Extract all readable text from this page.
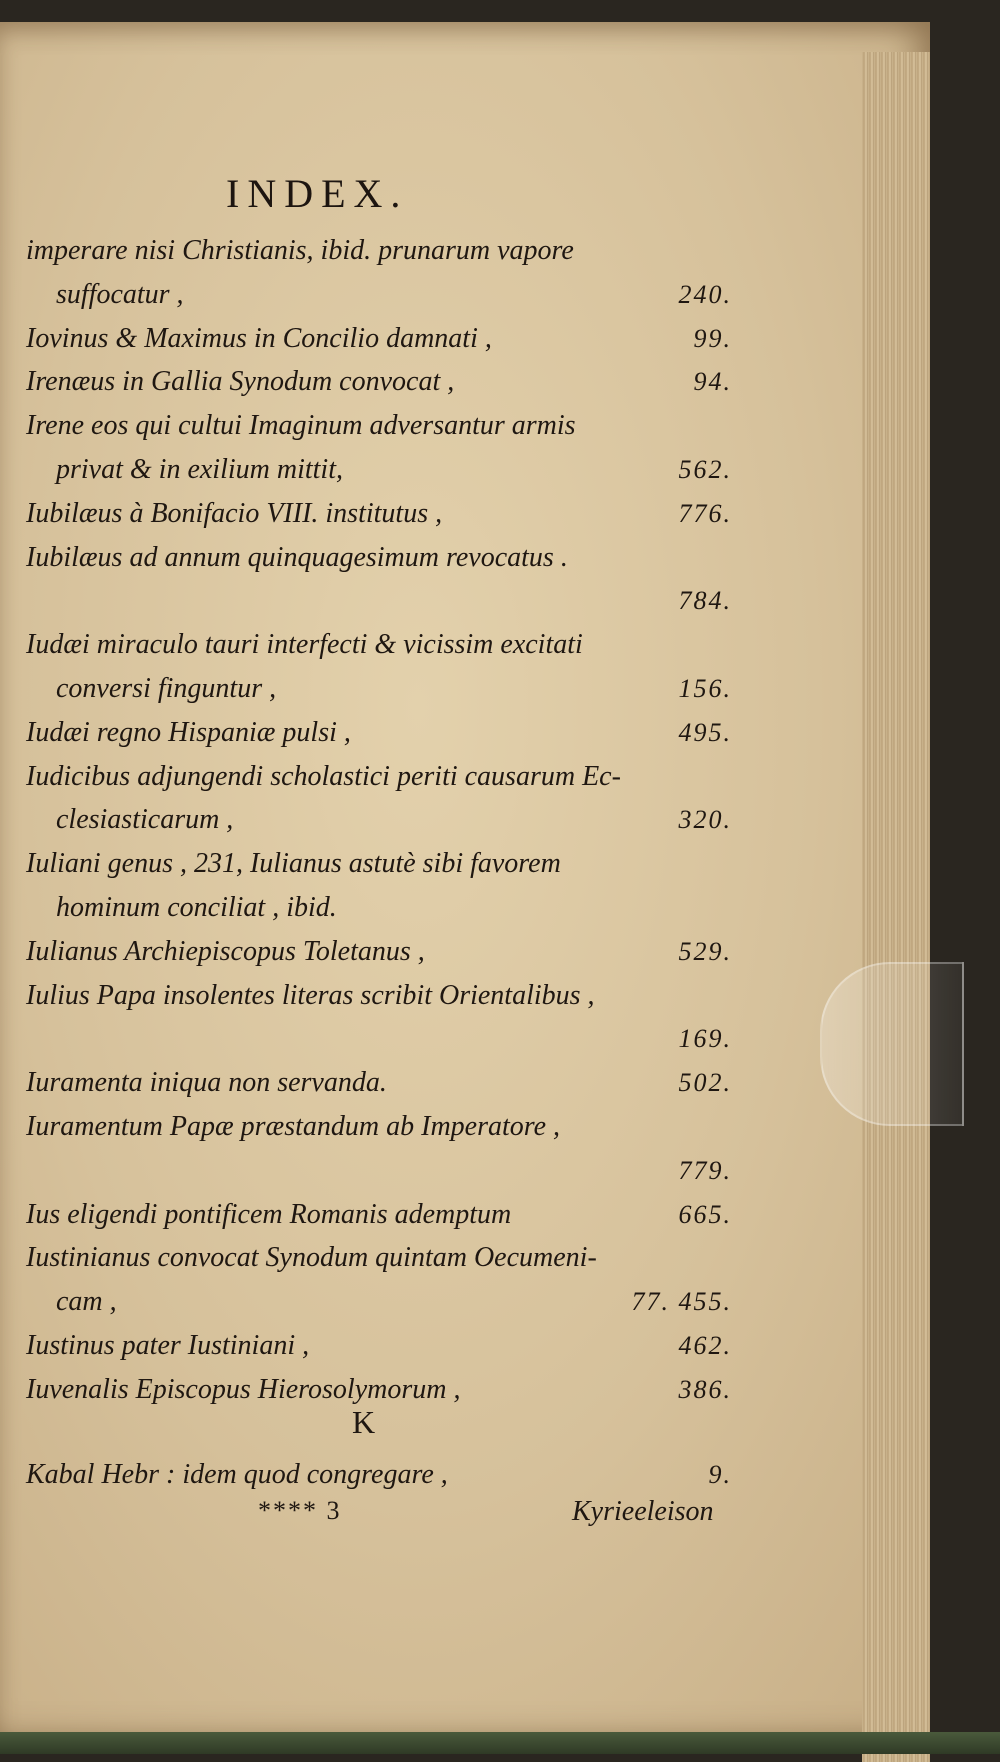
INDEX.
imperare nisi Christianis, ibid. prunarum vapore
suffocatur ,	240.
Iovinus & Maximus in Concilio damnati ,	99.
Irenæus in Gallia Synodum convocat ,	94.
Irene eos qui cultui Imaginum adversantur armis
privat & in exilium mittit,	562.
Iubilæus à Bonifacio VIII. institutus ,	776.
Iubilæus ad annum quinquagesimum revocatus .
784.
Iudæi miraculo tauri interfecti & vicissim excitati
conversi finguntur ,	156.
Iudæi regno Hispaniæ pulsi ,	495.
Iudicibus adjungendi scholastici periti causarum Ec-
clesiasticarum ,	320.
Iuliani genus , 231, Iulianus astutè sibi favorem
hominum conciliat , ibid.
Iulianus Archiepiscopus Toletanus ,	529.
Iulius Papa insolentes literas scribit Orientalibus ,
169.
Iuramenta iniqua non servanda.	502.
Iuramentum Papæ præstandum ab Imperatore ,
779.
Ius eligendi pontificem Romanis ademptum	665.
Iustinianus convocat Synodum quintam Oecumeni-
cam ,	77. 455.
Iustinus pater Iustiniani ,	462.
Iuvenalis Episcopus Hierosolymorum ,	386.
K
Kabal Hebr : idem quod congregare ,	9.
**** 3	Kyrieeleison
